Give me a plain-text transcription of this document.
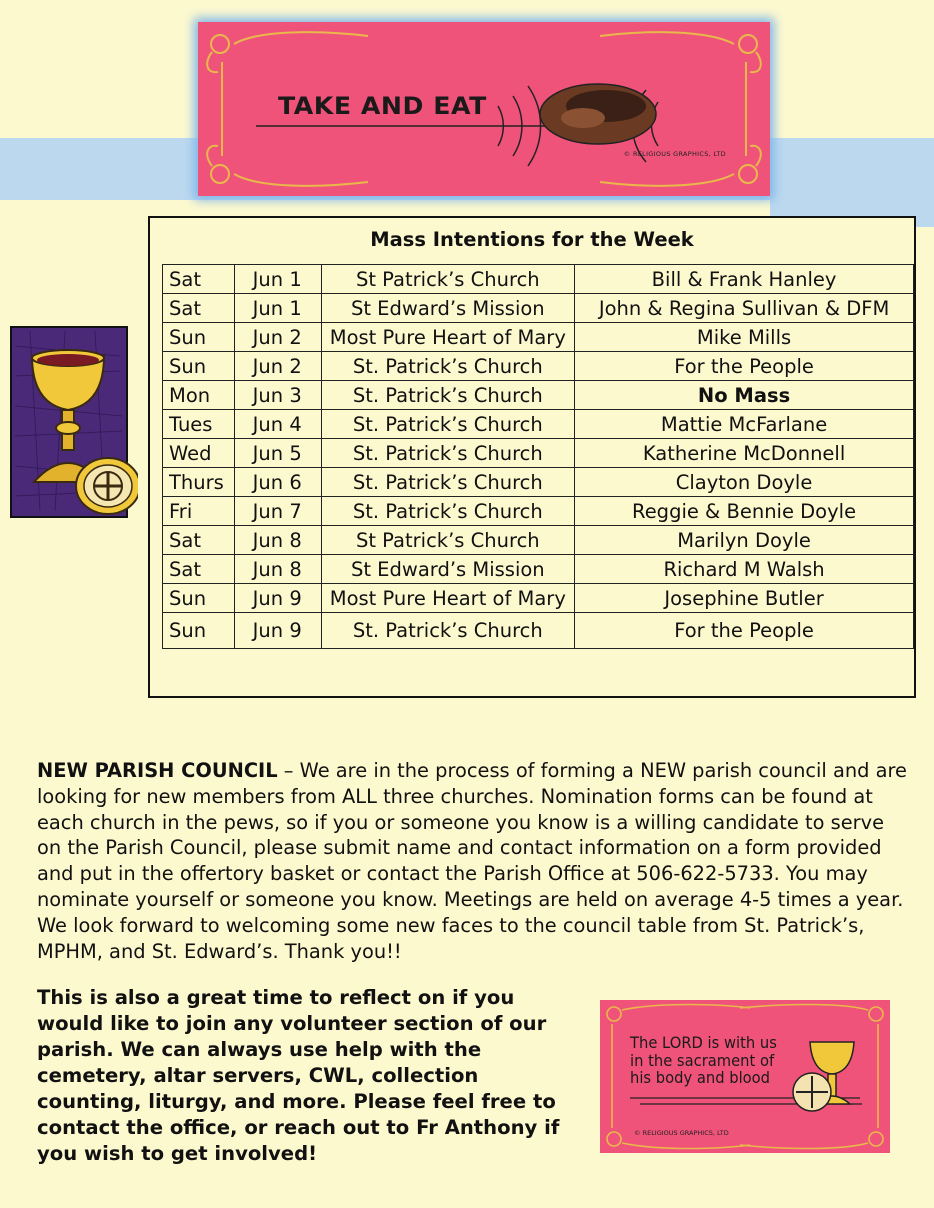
TAKE AND EAT
© RELIGIOUS GRAPHICS, LTD
Mass Intentions for the Week
Sat	Jun 1	St Patrick’s Church	Bill & Frank Hanley
Sat	Jun 1	St Edward’s Mission	John & Regina Sullivan & DFM
Sun	Jun 2	Most Pure Heart of Mary	Mike Mills
Sun	Jun 2	St. Patrick’s Church	For the People
Mon	Jun 3	St. Patrick’s Church	No Mass
Tues	Jun 4	St. Patrick’s Church	Mattie McFarlane
Wed	Jun 5	St. Patrick’s Church	Katherine McDonnell
Thurs	Jun 6	St. Patrick’s Church	Clayton Doyle
Fri	Jun 7	St. Patrick’s Church	Reggie & Bennie Doyle
Sat	Jun 8	St Patrick’s Church	Marilyn Doyle
Sat	Jun 8	St Edward’s Mission	Richard M Walsh
Sun	Jun 9	Most Pure Heart of Mary	Josephine Butler
Sun	Jun 9	St. Patrick’s Church	For the People
NEW PARISH COUNCIL – We are in the process of forming a NEW parish council and are looking for new members from ALL three churches. Nomination forms can be found at each church in the pews, so if you or someone you know is a willing candidate to serve on the Parish Council, please submit name and contact information on a form provided and put in the offertory basket or contact the Parish Office at 506-622-5733. You may nominate yourself or someone you know. Meetings are held on average 4-5 times a year. We look forward to welcoming some new faces to the council table from St. Patrick’s, MPHM, and St. Edward’s. Thank you!!
This is also a great time to reflect on if you would like to join any volunteer section of our parish. We can always use help with the cemetery, altar servers, CWL, collection counting, liturgy, and more. Please feel free to contact the office, or reach out to Fr Anthony if you wish to get involved!
The LORD is with us
in the sacrament of
his body and blood
© RELIGIOUS GRAPHICS, LTD
